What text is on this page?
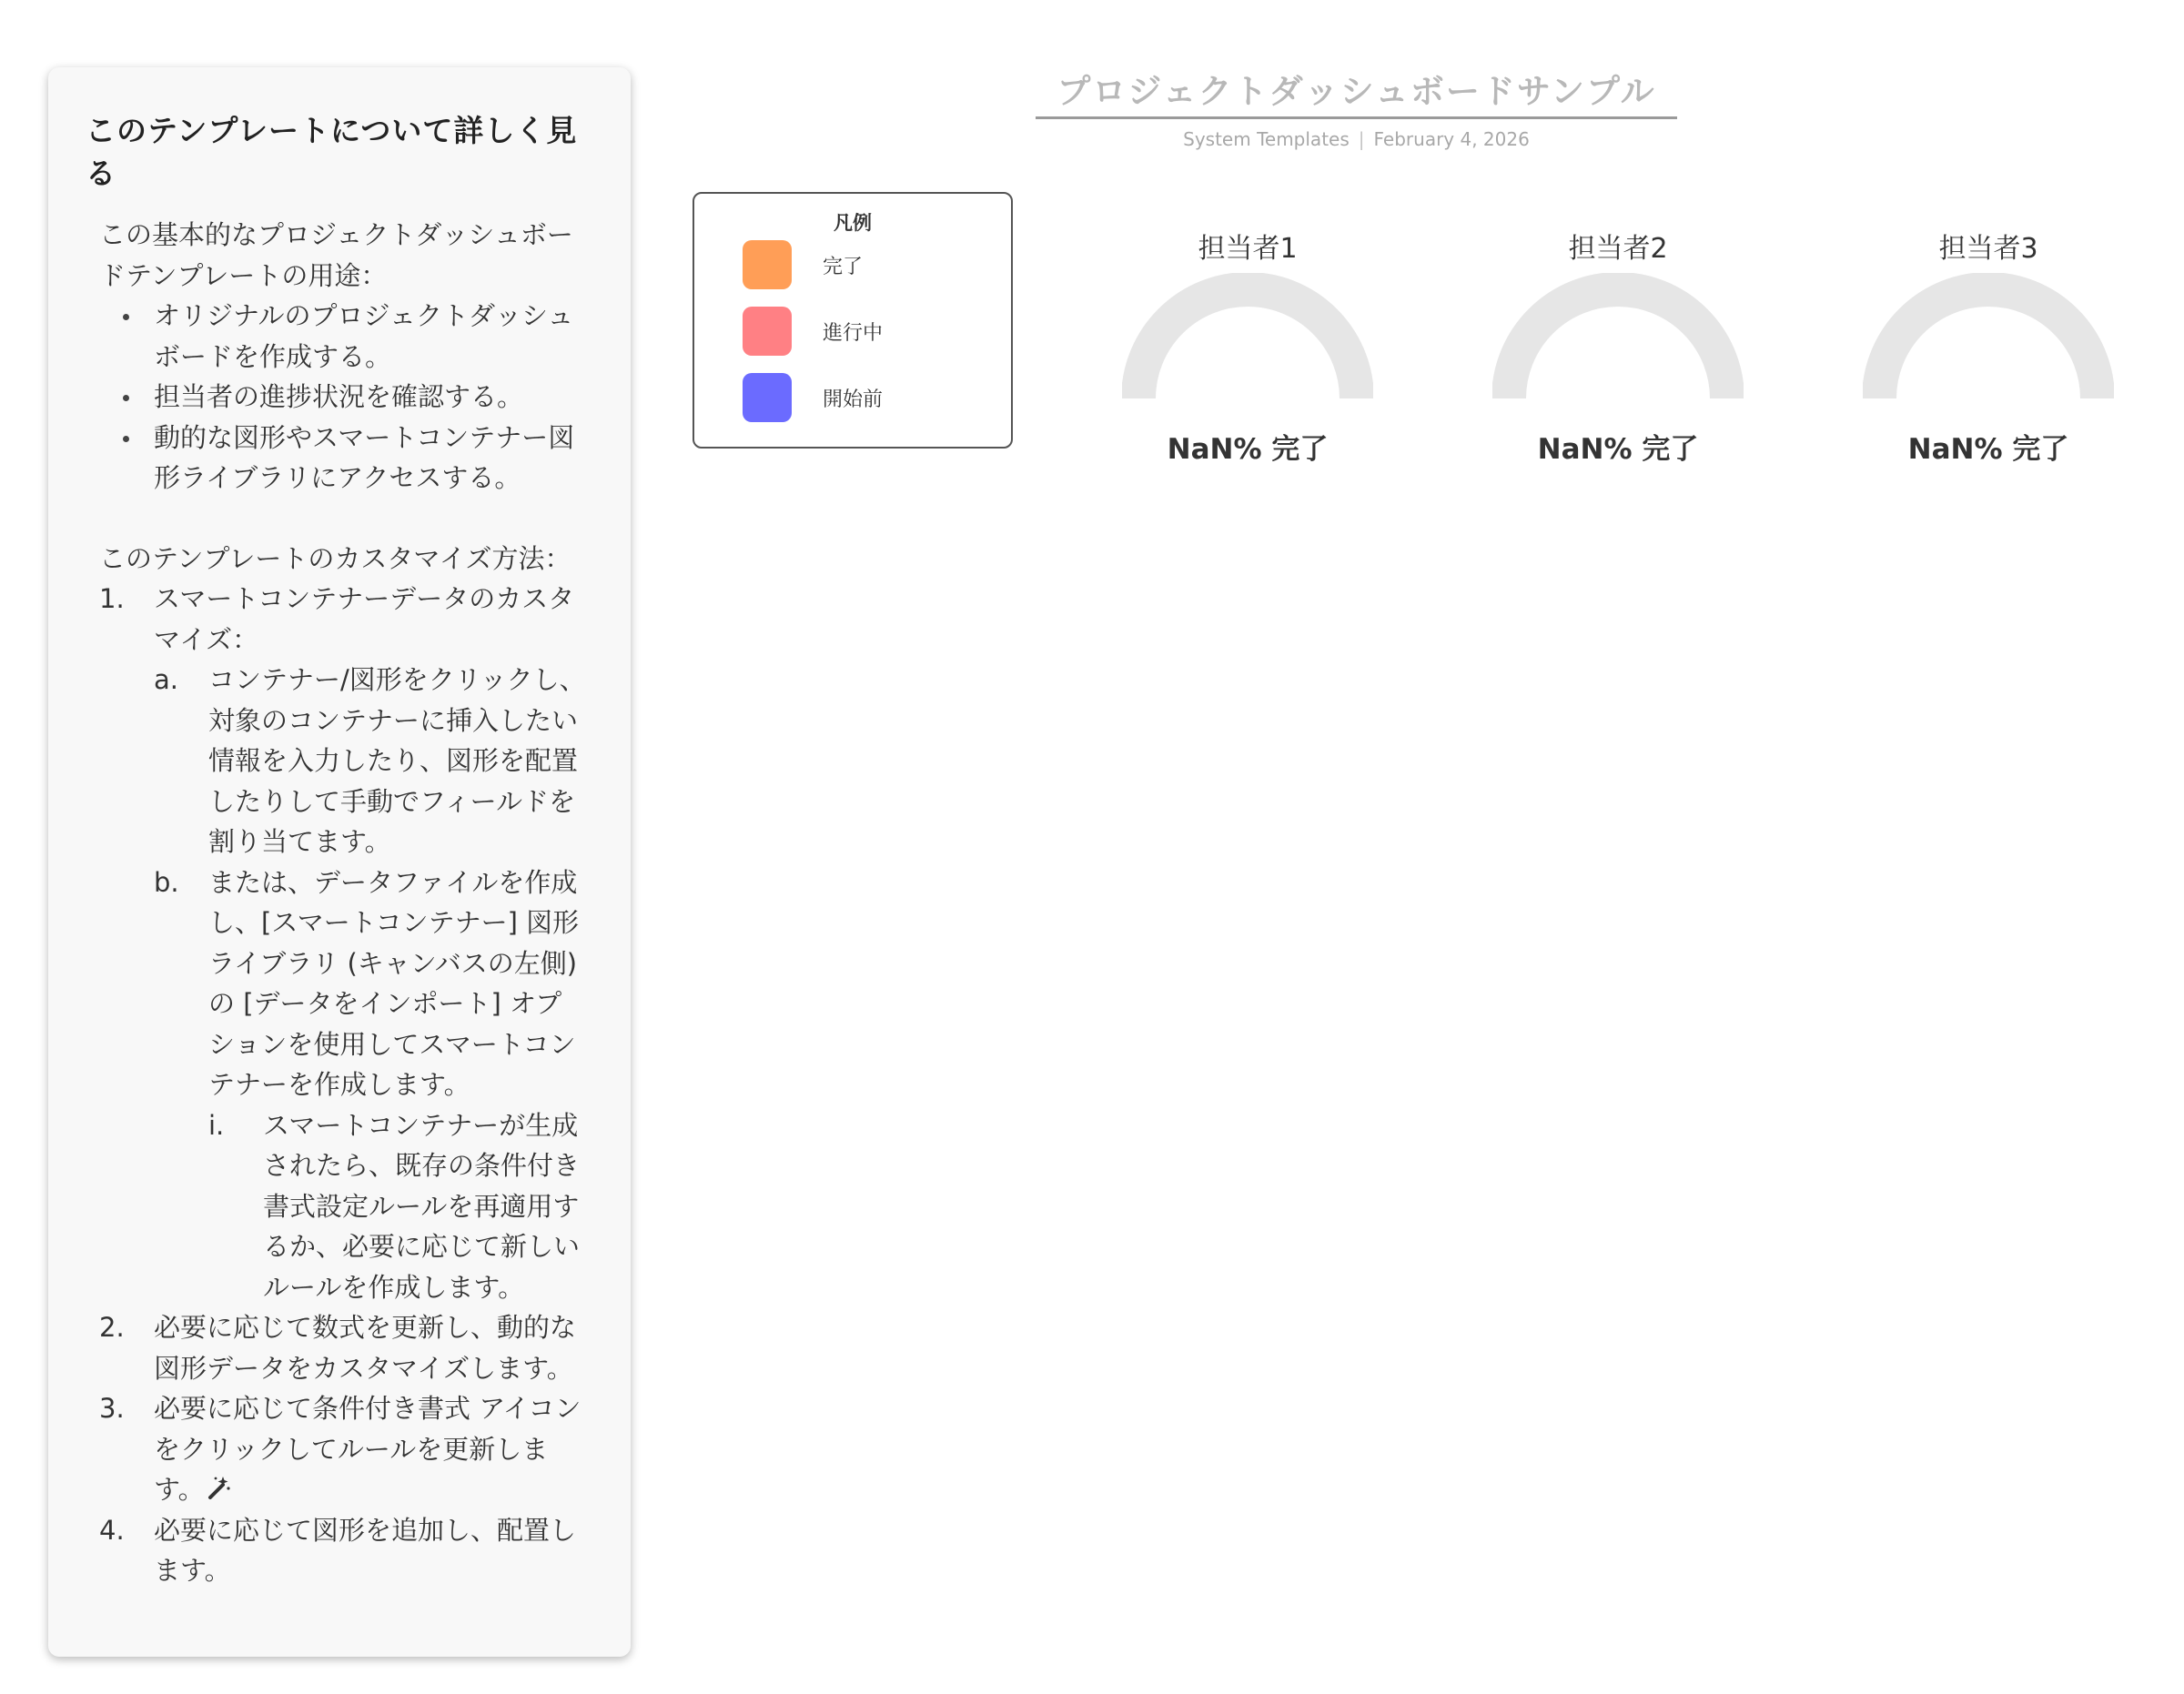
このテンプレートについて詳しく見る

この基本的なプロジェクトダッシュボードテンプレートの用途：

オリジナルのプロジェクトダッシュボードを作成する。
担当者の進捗状況を確認する。
動的な図形やスマートコンテナー図形ライブラリにアクセスする。

このテンプレートのカスタマイズ方法：

1.	スマートコンテナーデータのカスタマイズ：
a.	コンテナー/図形をクリックし、対象のコンテナーに挿入したい情報を入力したり、図形を配置したりして手動でフィールドを割り当てます。
b.	または、データファイルを作成し、[スマートコンテナー] 図形ライブラリ (キャンバスの左側) の [データをインポート] オプションを使用してスマートコンテナーを作成します。
i.	スマートコンテナーが生成されたら、既存の条件付き書式設定ルールを再適用するか、必要に応じて新しいルールを作成します。
2.	必要に応じて数式を更新し、動的な図形データをカスタマイズします。
3.	必要に応じて条件付き書式 アイコンをクリックしてルールを更新します。
4.	必要に応じて図形を追加し、配置します。
プロジェクトダッシュボードサンプル
System Templates | February 4, 2026
凡例
完了
進行中
開始前
担当者1
NaN% 完了
担当者2
NaN% 完了
担当者3
NaN% 完了
